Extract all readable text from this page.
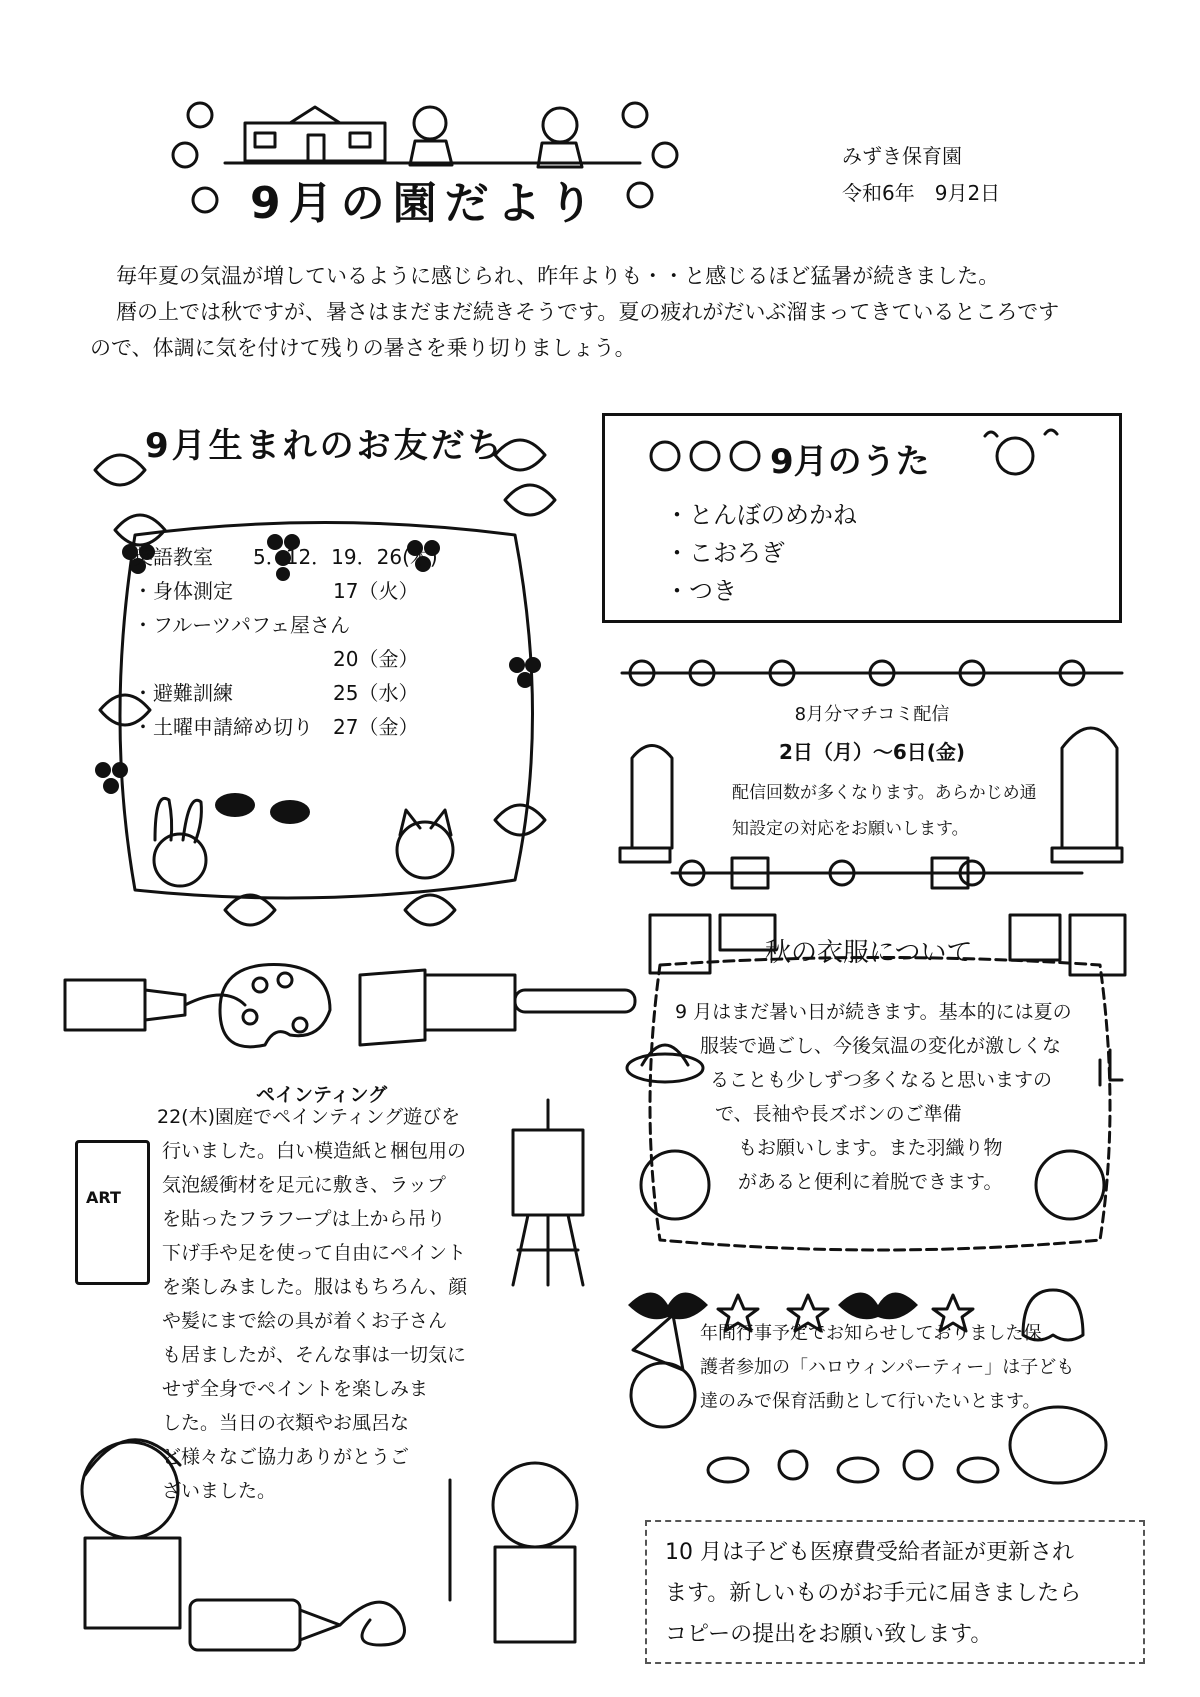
9月の園だより
みずき保育園
令和6年　9月2日
毎年夏の気温が増しているように感じられ、昨年よりも・・と感じるほど猛暑が続きました。
暦の上では秋ですが、暑さはまだまだ続きそうです。夏の疲れがだいぶ溜まってきているところです
ので、体調に気を付けて残りの暑さを乗り切りましょう。
9月生まれのお友だち
英語教室　　5．12．19．26(木)
・身体測定　　　　　17（火）
・フルーツパフェ屋さん
　　　　　　　　　　20（金）
・避難訓練　　　　　25（水）
・土曜申請締め切り　27（金）
9月のうた
・とんぼのめかね
・こおろぎ
・つき
8月分マチコミ配信
2日（月）～6日(金)
配信回数が多くなります。あらかじめ通
知設定の対応をお願いします。
秋の衣服について
9 月はまだ暑い日が続きます。基本的には夏の
服装で過ごし、今後気温の変化が激しくな
ることも少しずつ多くなると思いますの
で、長袖や長ズボンのご準備
もお願いします。また羽織り物
があると便利に着脱できます。
ペインティング
ART
22(木)園庭でペインティング遊びを
行いました。白い模造紙と梱包用の
気泡緩衝材を足元に敷き、ラップ
を貼ったフラフープは上から吊り
下げ手や足を使って自由にペイント
を楽しみました。服はもちろん、顔
や髪にまで絵の具が着くお子さん
も居ましたが、そんな事は一切気に
せず全身でペイントを楽しみま
した。当日の衣類やお風呂な
ど様々なご協力ありがとうご
ざいました。
年間行事予定でお知らせしておりました保
護者参加の「ハロウィンパーティー」は子ども
達のみで保育活動として行いたいとます。
10 月は子ども医療費受給者証が更新され
ます。新しいものがお手元に届きましたら
コピーの提出をお願い致します。
